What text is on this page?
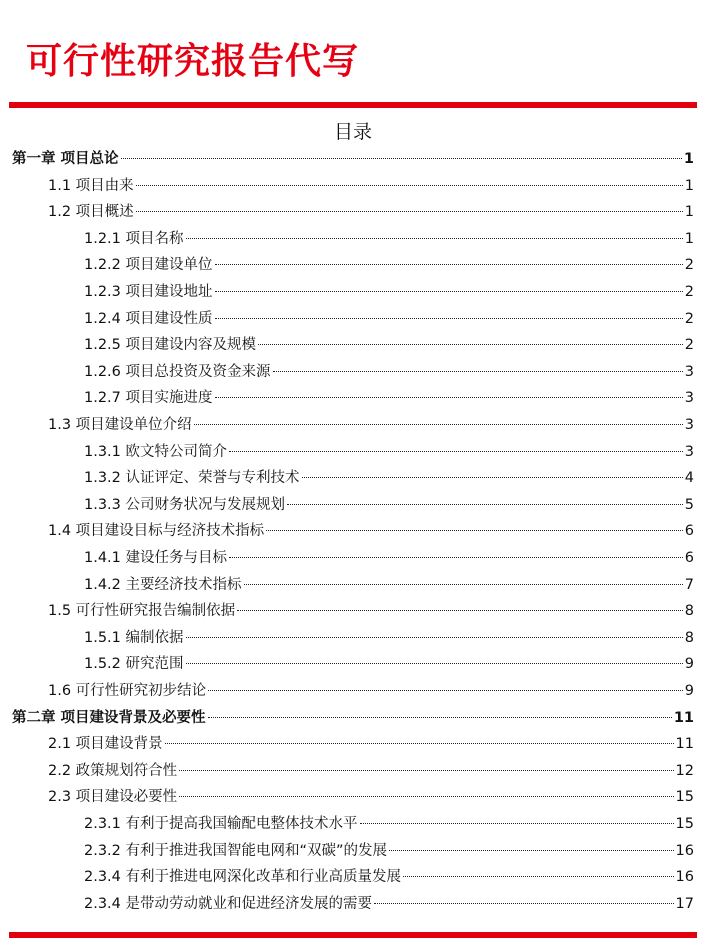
可行性研究报告代写
目录
第一章 项目总论	1
1.1 项目由来	1
1.2 项目概述	1
1.2.1 项目名称	1
1.2.2 项目建设单位	2
1.2.3 项目建设地址	2
1.2.4 项目建设性质	2
1.2.5 项目建设内容及规模	2
1.2.6 项目总投资及资金来源	3
1.2.7 项目实施进度	3
1.3 项目建设单位介绍	3
1.3.1 欧文特公司简介	3
1.3.2 认证评定、荣誉与专利技术	4
1.3.3 公司财务状况与发展规划	5
1.4 项目建设目标与经济技术指标	6
1.4.1 建设任务与目标	6
1.4.2 主要经济技术指标	7
1.5 可行性研究报告编制依据	8
1.5.1 编制依据	8
1.5.2 研究范围	9
1.6 可行性研究初步结论	9
第二章 项目建设背景及必要性	11
2.1 项目建设背景	11
2.2 政策规划符合性	12
2.3 项目建设必要性	15
2.3.1 有利于提高我国输配电整体技术水平	15
2.3.2 有利于推进我国智能电网和“双碳”的发展	16
2.3.4 有利于推进电网深化改革和行业高质量发展	16
2.3.4 是带动劳动就业和促进经济发展的需要	17
